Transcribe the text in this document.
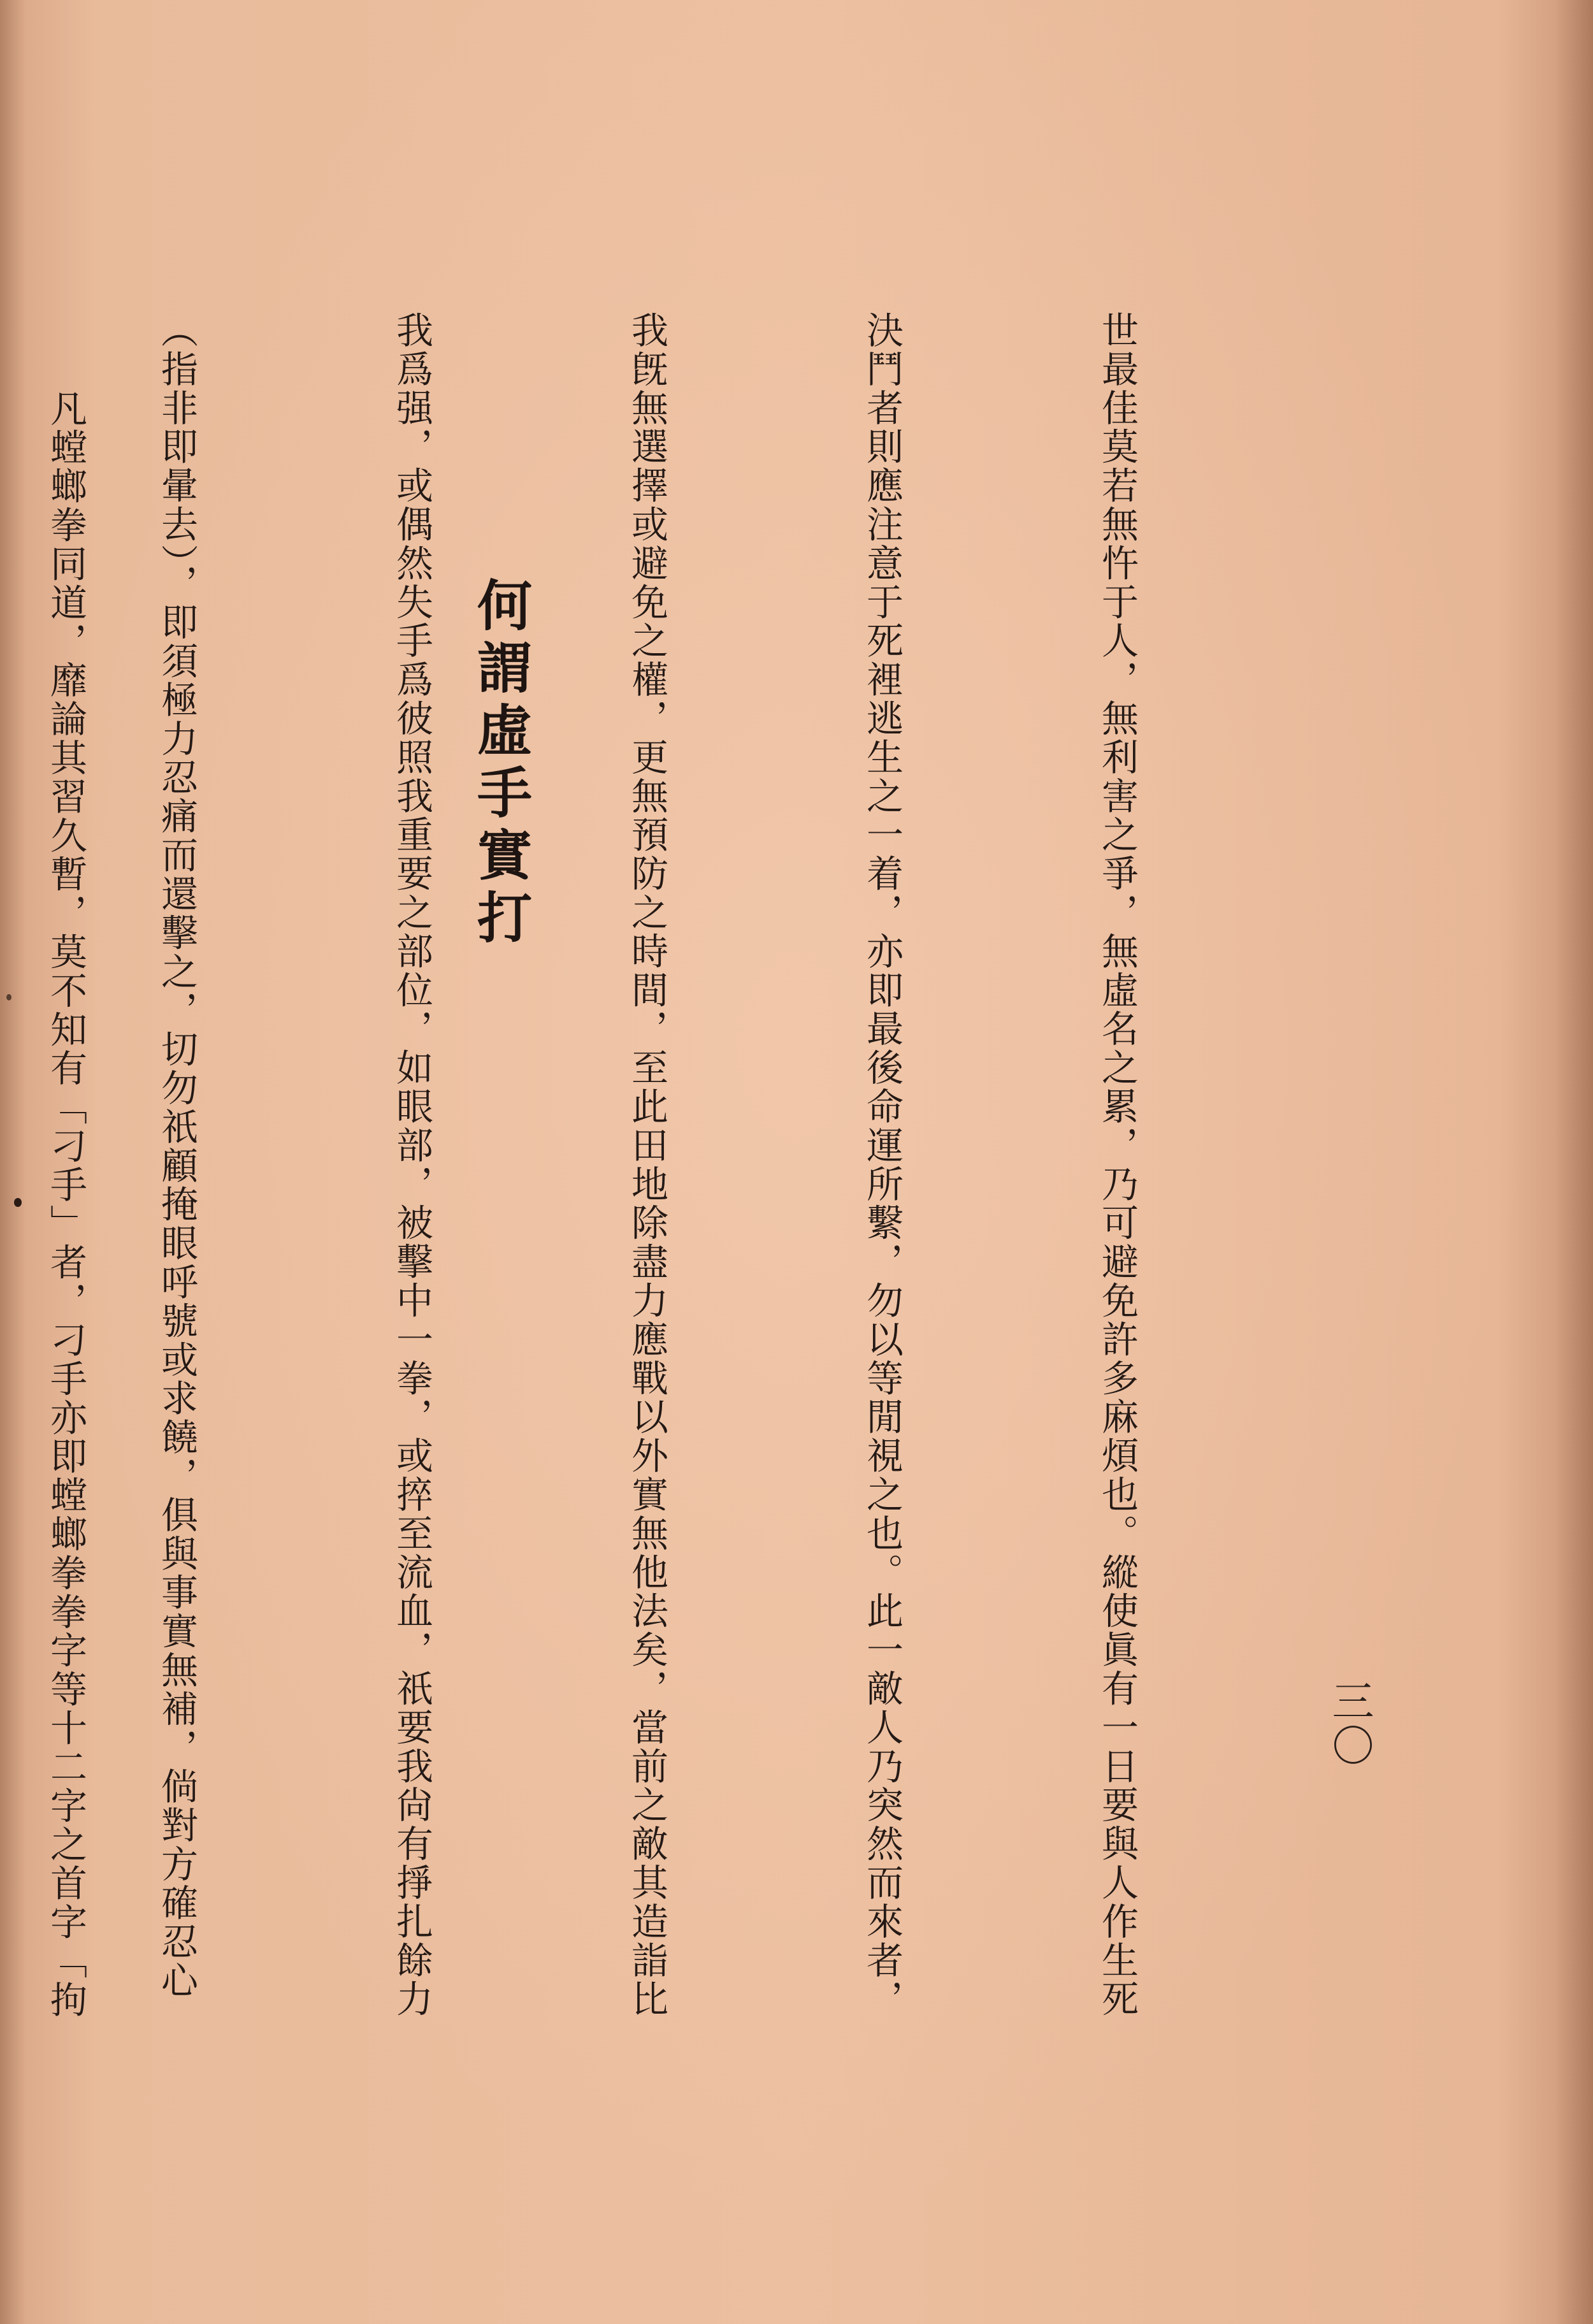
三〇

世最佳莫若無忤于人，無利害之爭，無虛名之累，乃可避免許多麻煩也。縱使眞有一日要與人作生死

決鬥者則應注意于死裡逃生之一着，亦即最後命運所繫，勿以等閒視之也。此一敵人乃突然而來者，

我旣無選擇或避免之權，更無預防之時間，至此田地除盡力應戰以外實無他法矣，當前之敵其造詣比

我爲强，或偶然失手爲彼照我重要之部位，如眼部，被擊中一拳，或捽至流血，祇要我尙有掙扎餘力

（指非即暈去），即須極力忍痛而還擊之，切勿祇顧掩眼呼號或求饒，俱與事實無補，倘對方確忍心

	何謂虛手實打

　凡螳螂拳同道，靡論其習久暫，莫不知有「刁手」者，刁手亦即螳螂拳拳字等十二字之首字「拘
